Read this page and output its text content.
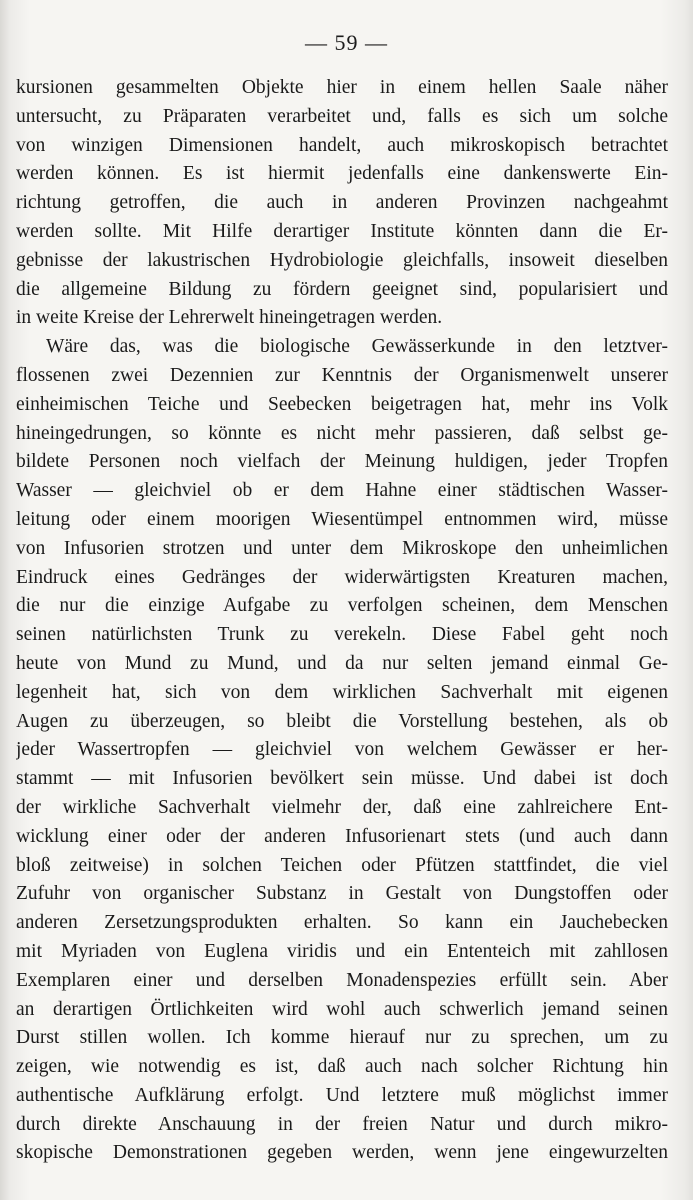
— 59 —
kursionen gesammelten Objekte hier in einem hellen Saale näher
untersucht, zu Präparaten verarbeitet und, falls es sich um solche
von winzigen Dimensionen handelt, auch mikroskopisch betrachtet
werden können. Es ist hiermit jedenfalls eine dankenswerte Ein-
richtung getroffen, die auch in anderen Provinzen nachgeahmt
werden sollte. Mit Hilfe derartiger Institute könnten dann die Er-
gebnisse der lakustrischen Hydrobiologie gleichfalls, insoweit dieselben
die allgemeine Bildung zu fördern geeignet sind, popularisiert und
in weite Kreise der Lehrerwelt hineingetragen werden.
Wäre das, was die biologische Gewässerkunde in den letztver-
flossenen zwei Dezennien zur Kenntnis der Organismenwelt unserer
einheimischen Teiche und Seebecken beigetragen hat, mehr ins Volk
hineingedrungen, so könnte es nicht mehr passieren, daß selbst ge-
bildete Personen noch vielfach der Meinung huldigen, jeder Tropfen
Wasser — gleichviel ob er dem Hahne einer städtischen Wasser-
leitung oder einem moorigen Wiesentümpel entnommen wird, müsse
von Infusorien strotzen und unter dem Mikroskope den unheimlichen
Eindruck eines Gedränges der widerwärtigsten Kreaturen machen,
die nur die einzige Aufgabe zu verfolgen scheinen, dem Menschen
seinen natürlichsten Trunk zu verekeln. Diese Fabel geht noch
heute von Mund zu Mund, und da nur selten jemand einmal Ge-
legenheit hat, sich von dem wirklichen Sachverhalt mit eigenen
Augen zu überzeugen, so bleibt die Vorstellung bestehen, als ob
jeder Wassertropfen — gleichviel von welchem Gewässer er her-
stammt — mit Infusorien bevölkert sein müsse. Und dabei ist doch
der wirkliche Sachverhalt vielmehr der, daß eine zahlreichere Ent-
wicklung einer oder der anderen Infusorienart stets (und auch dann
bloß zeitweise) in solchen Teichen oder Pfützen stattfindet, die viel
Zufuhr von organischer Substanz in Gestalt von Dungstoffen oder
anderen Zersetzungsprodukten erhalten. So kann ein Jauchebecken
mit Myriaden von Euglena viridis und ein Ententeich mit zahllosen
Exemplaren einer und derselben Monadenspezies erfüllt sein. Aber
an derartigen Örtlichkeiten wird wohl auch schwerlich jemand seinen
Durst stillen wollen. Ich komme hierauf nur zu sprechen, um zu
zeigen, wie notwendig es ist, daß auch nach solcher Richtung hin
authentische Aufklärung erfolgt. Und letztere muß möglichst immer
durch direkte Anschauung in der freien Natur und durch mikro-
skopische Demonstrationen gegeben werden, wenn jene eingewurzelten
